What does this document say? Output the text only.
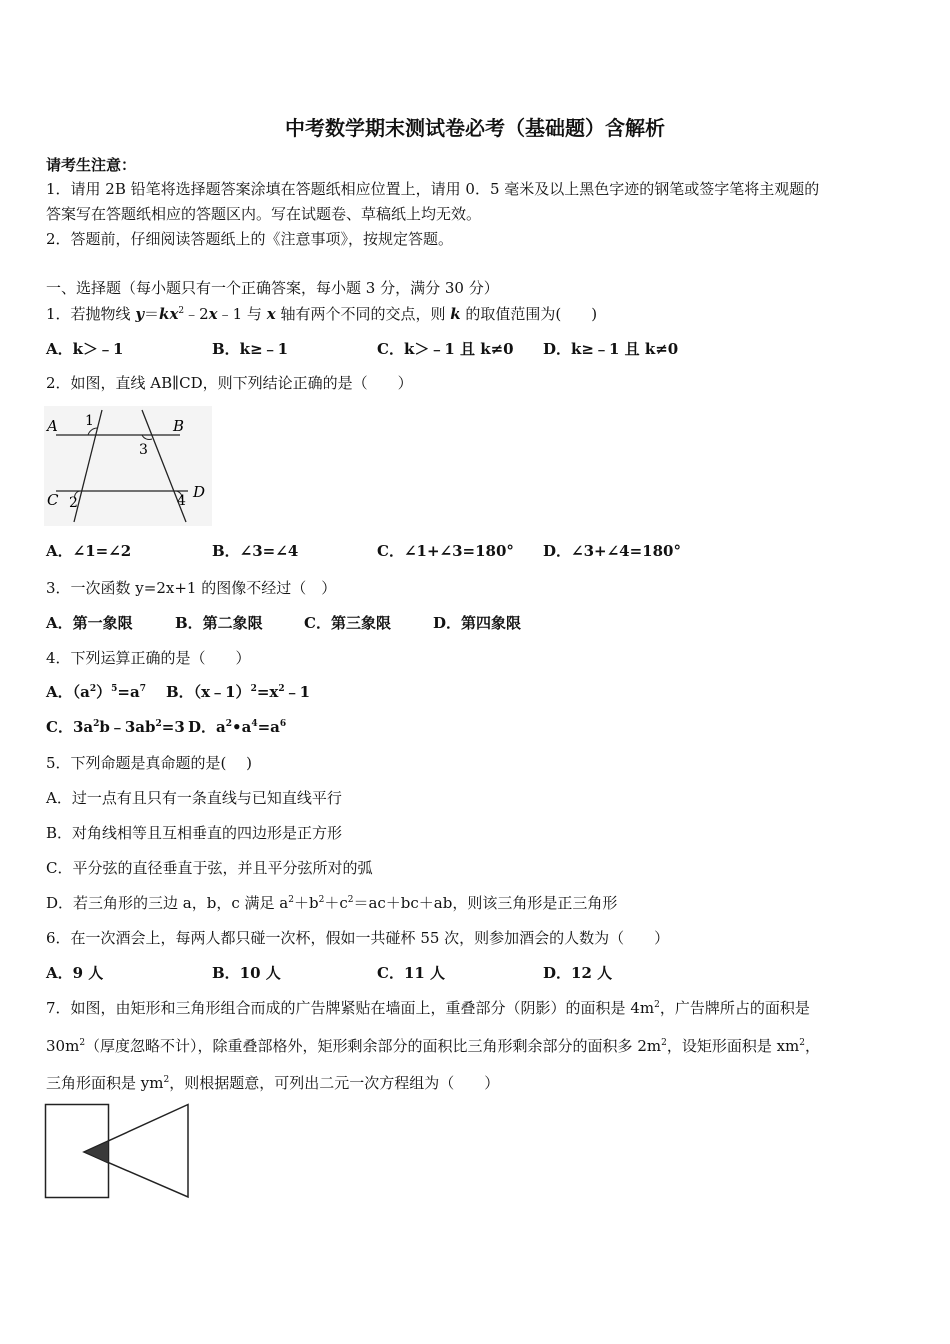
中考数学期末测试卷必考（基础题）含解析
请考生注意：
1．请用 2B 铅笔将选择题答案涂填在答题纸相应位置上，请用 0．5 毫米及以上黑色字迹的钢笔或签字笔将主观题的
答案写在答题纸相应的答题区内。写在试题卷、草稿纸上均无效。
2．答题前，仔细阅读答题纸上的《注意事项》，按规定答题。
一、选择题（每小题只有一个正确答案，每小题 3 分，满分 30 分）
1．若抛物线 $y=kx^2﹣2x﹣1$ 与 x 轴有两个不同的交点，则 k 的取值范围为(　　)
A．k＞﹣1	B．k≥﹣1	C．k＞﹣1 且 k≠0 D．k≥﹣1 且 k≠0
2．如图，直线 AB∥CD，则下列结论正确的是（　　）
A	B
C	D
1
2
3
4
A．∠1=∠2	B．∠3=∠4	C．∠1+∠3=180° D．∠3+∠4=180°
3．一次函数 y=2x+1 的图像不经过（　）
A．第一象限	B．第二象限	C．第三象限	D．第四象限
4．下列运算正确的是（　　）
A．$(a^2)^5=a^7$ B．$(x﹣1)^2=x^2﹣1$
C．$3a^2b﹣3ab^2=3$ D．$a^2•a^4=a^6$
5．下列命题是真命题的是(　 )
A．过一点有且只有一条直线与已知直线平行
B．对角线相等且互相垂直的四边形是正方形
C．平分弦的直径垂直于弦，并且平分弦所对的弧
D．若三角形的三边 a，b，c 满足 $a^2+b^2+c^2=ac+bc+ab$，则该三角形是正三角形
6．在一次酒会上，每两人都只碰一次杯，假如一共碰杯 55 次，则参加酒会的人数为（　　）
A．9 人	B．10 人	C．11 人	D．12 人
7．如图，由矩形和三角形组合而成的广告牌紧贴在墙面上，重叠部分（阴影）的面积是 $4m^2$，广告牌所占的面积是
$30m^2$（厚度忽略不计），除重叠部格外，矩形剩余部分的面积比三角形剩余部分的面积多 $2m^2$，设矩形面积是 $xm^2$，
三角形面积是 $ym^2$，则根据题意，可列出二元一次方程组为（　　）
